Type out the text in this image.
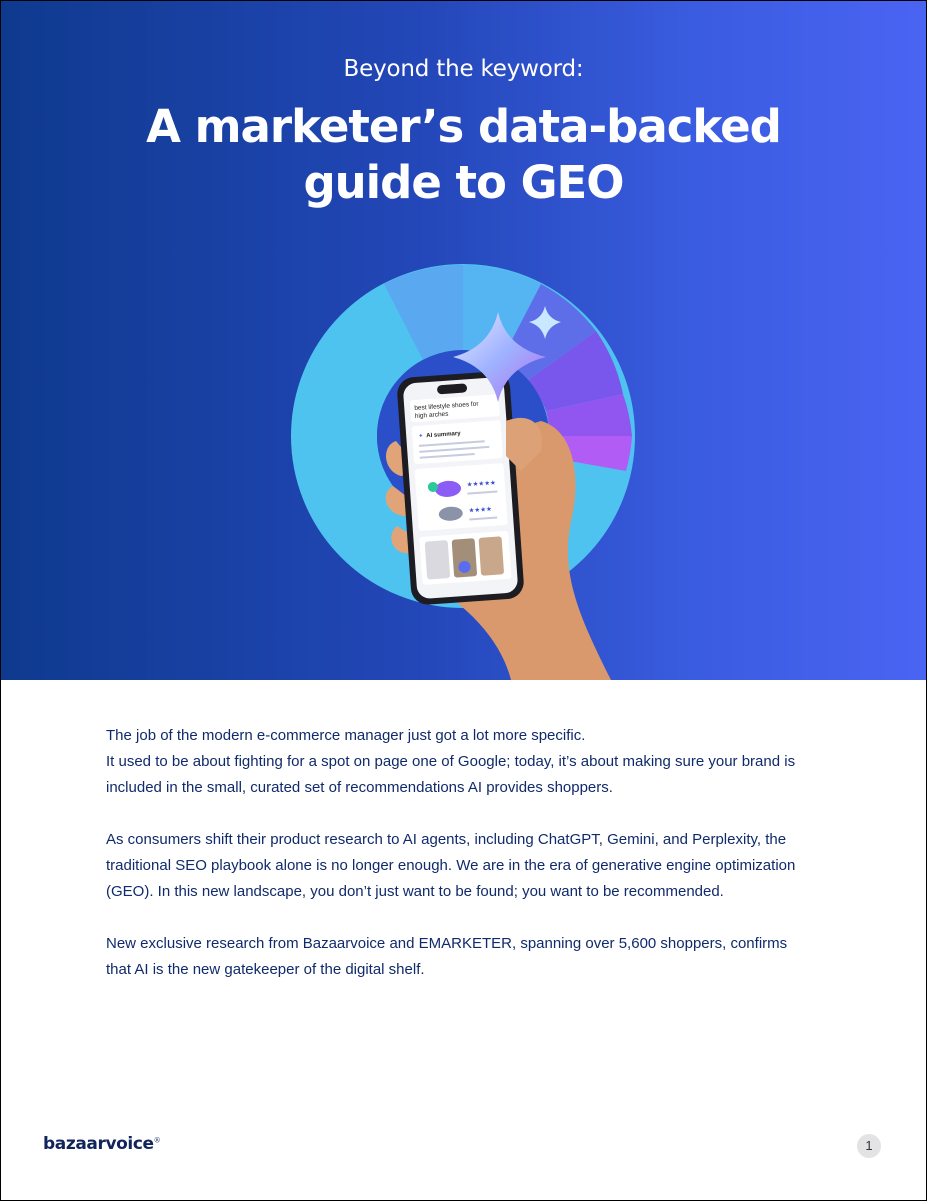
best lifestyle shoes for
high arches
✦ AI summary
★★★★★
★★★★
Beyond the keyword:
A marketer’s data-backed
guide to GEO

The job of the modern e-commerce manager just got a lot more specific.
It used to be about fighting for a spot on page one of Google; today, it’s about making sure your brand is
included in the small, curated set of recommendations AI provides shoppers.

As consumers shift their product research to AI agents, including ChatGPT, Gemini, and Perplexity, the
traditional SEO playbook alone is no longer enough. We are in the era of generative engine optimization
(GEO). In this new landscape, you don’t just want to be found; you want to be recommended.

New exclusive research from Bazaarvoice and EMARKETER, spanning over 5,600 shoppers, confirms
that AI is the new gatekeeper of the digital shelf.

bazaarvoice®	1
